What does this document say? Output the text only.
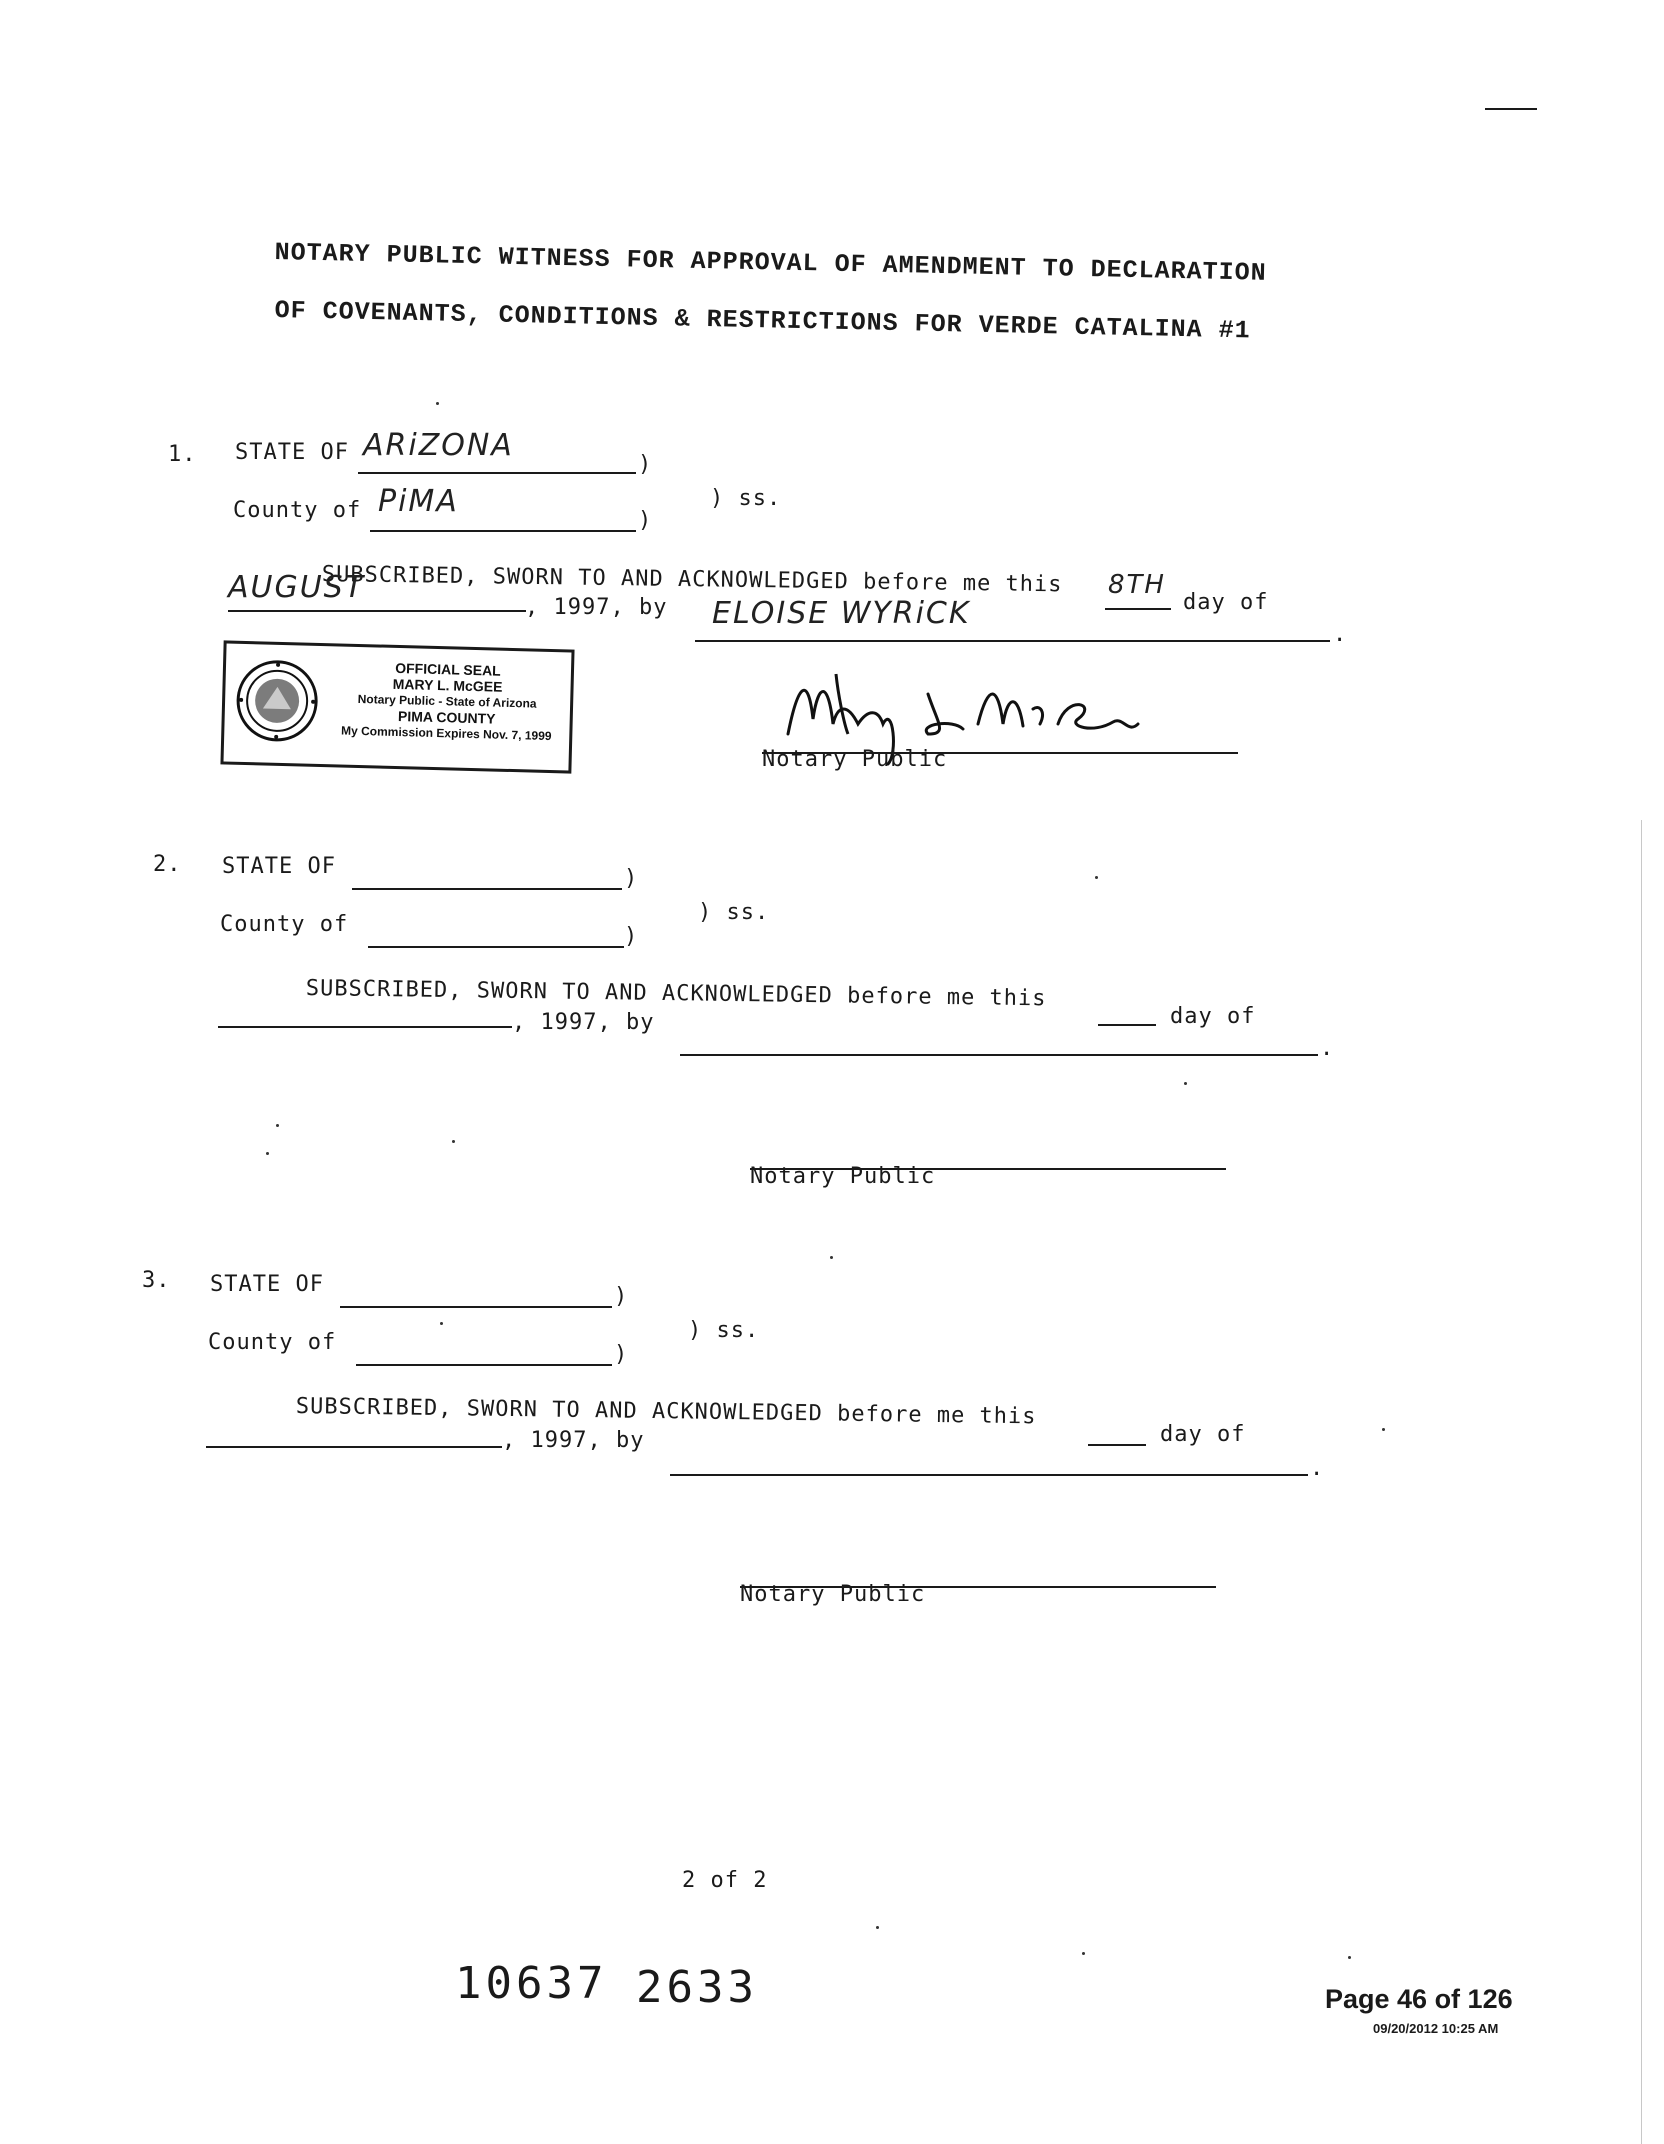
NOTARY PUBLIC WITNESS FOR APPROVAL OF AMENDMENT TO DECLARATION
OF COVENANTS, CONDITIONS & RESTRICTIONS FOR VERDE CATALINA #1
1. STATE OF ARiZONA
)
County of PiMA
)
) ss.
SUBSCRIBED, SWORN TO AND ACKNOWLEDGED before me this 8TH
day of
AUGUST
, 1997, by ELOISE WYRiCK
.
OFFICIAL SEAL
MARY L. McGEE
Notary Public - State of Arizona
PIMA COUNTY
My Commission Expires Nov. 7, 1999
Notary Public
2. STATE OF	)
County of	)
) ss.
SUBSCRIBED, SWORN TO AND ACKNOWLEDGED before me this
day of
, 1997, by
.
Notary Public
3. STATE OF	)
County of	)
) ss.
SUBSCRIBED, SWORN TO AND ACKNOWLEDGED before me this
day of
, 1997, by
.
Notary Public
2 of 2
10637 2633	Page 46 of 126
09/20/2012 10:25 AM
